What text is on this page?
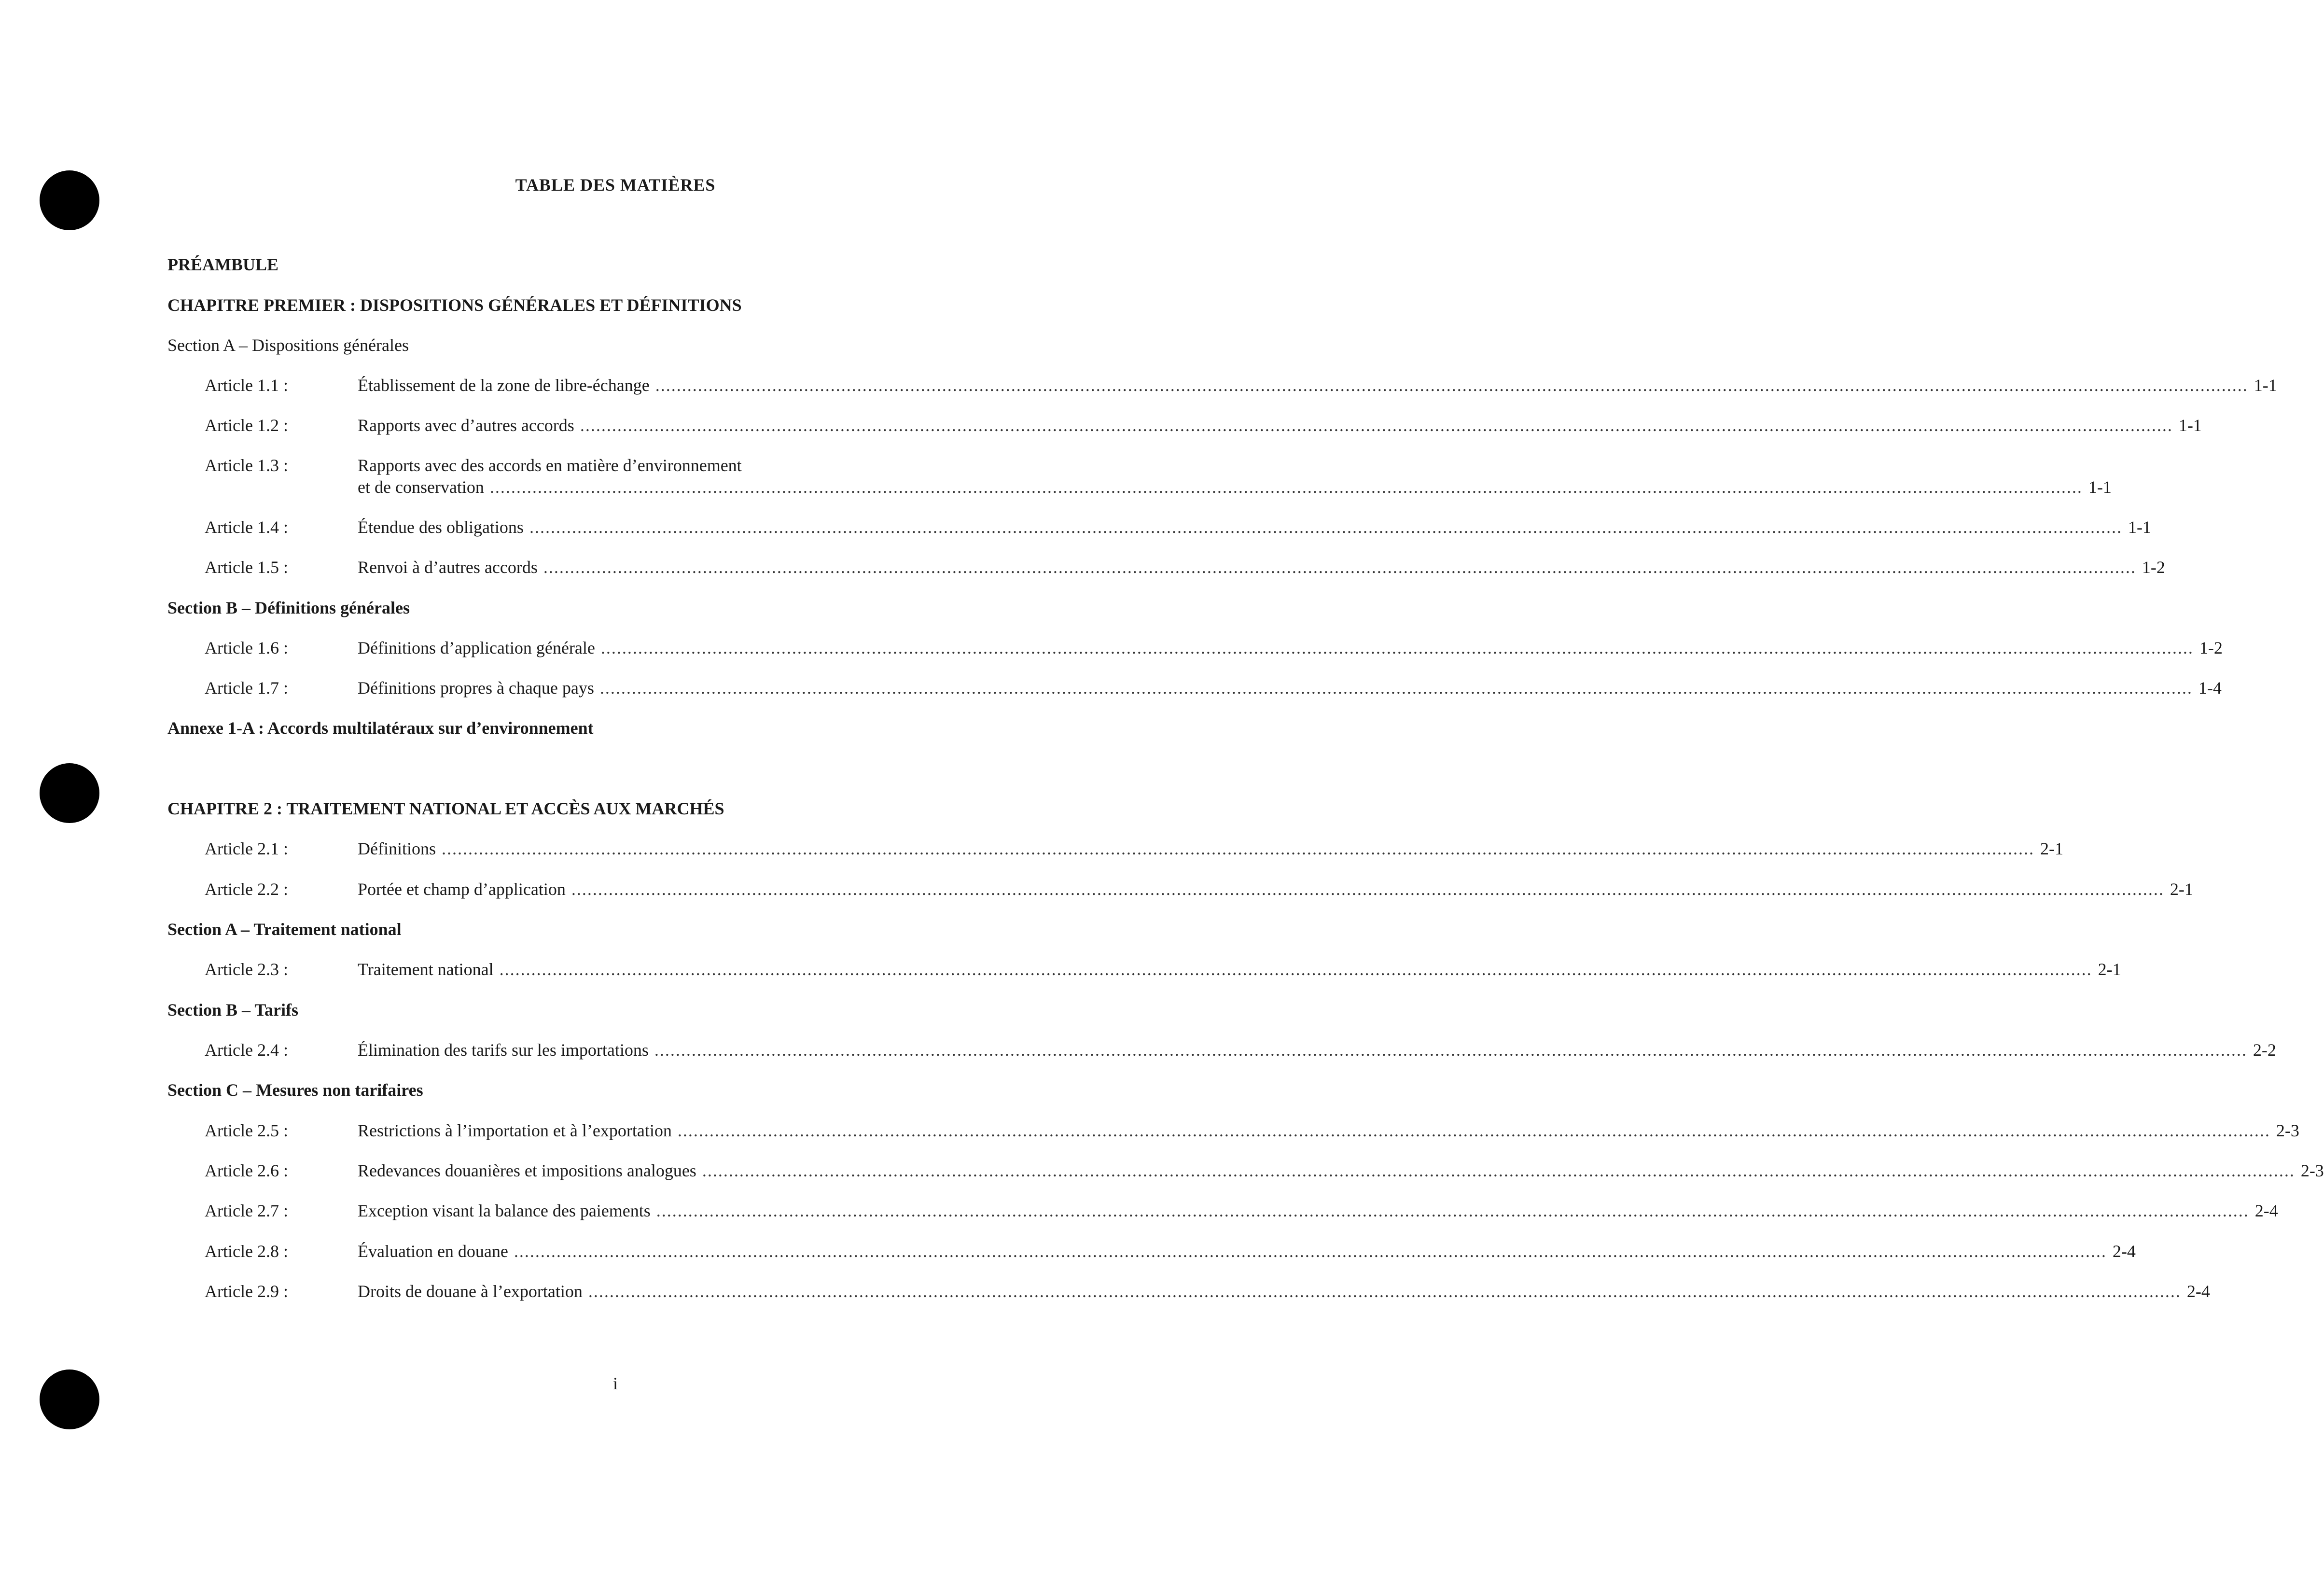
TABLE DES MATIÈRES
PRÉAMBULE
CHAPITRE PREMIER : DISPOSITIONS GÉNÉRALES ET DÉFINITIONS
Section A – Dispositions générales
Article 1.1 :	Établissement de la zone de libre-échange ............................................................................................................................................................................................................................................................................................................ 1-1
Article 1.2 :	Rapports avec d’autres accords ............................................................................................................................................................................................................................................................................................................ 1-1
Article 1.3 :	Rapports avec des accords en matière d’environnement
et de conservation ............................................................................................................................................................................................................................................................................................................ 1-1
Article 1.4 :	Étendue des obligations ............................................................................................................................................................................................................................................................................................................ 1-1
Article 1.5 :	Renvoi à d’autres accords ............................................................................................................................................................................................................................................................................................................ 1-2
Section B – Définitions générales
Article 1.6 :	Définitions d’application générale ............................................................................................................................................................................................................................................................................................................ 1-2
Article 1.7 :	Définitions propres à chaque pays ............................................................................................................................................................................................................................................................................................................ 1-4
Annexe 1-A : Accords multilatéraux sur d’environnement
CHAPITRE 2 : TRAITEMENT NATIONAL ET ACCÈS AUX MARCHÉS
Article 2.1 :	Définitions ............................................................................................................................................................................................................................................................................................................ 2-1
Article 2.2 :	Portée et champ d’application ............................................................................................................................................................................................................................................................................................................ 2-1
Section A – Traitement national
Article 2.3 :	Traitement national ............................................................................................................................................................................................................................................................................................................ 2-1
Section B – Tarifs
Article 2.4 :	Élimination des tarifs sur les importations ............................................................................................................................................................................................................................................................................................................ 2-2
Section C – Mesures non tarifaires
Article 2.5 :	Restrictions à l’importation et à l’exportation ............................................................................................................................................................................................................................................................................................................ 2-3
Article 2.6 :	Redevances douanières et impositions analogues ............................................................................................................................................................................................................................................................................................................ 2-3
Article 2.7 :	Exception visant la balance des paiements ............................................................................................................................................................................................................................................................................................................ 2-4
Article 2.8 :	Évaluation en douane ............................................................................................................................................................................................................................................................................................................ 2-4
Article 2.9 :	Droits de douane à l’exportation ............................................................................................................................................................................................................................................................................................................ 2-4
i
